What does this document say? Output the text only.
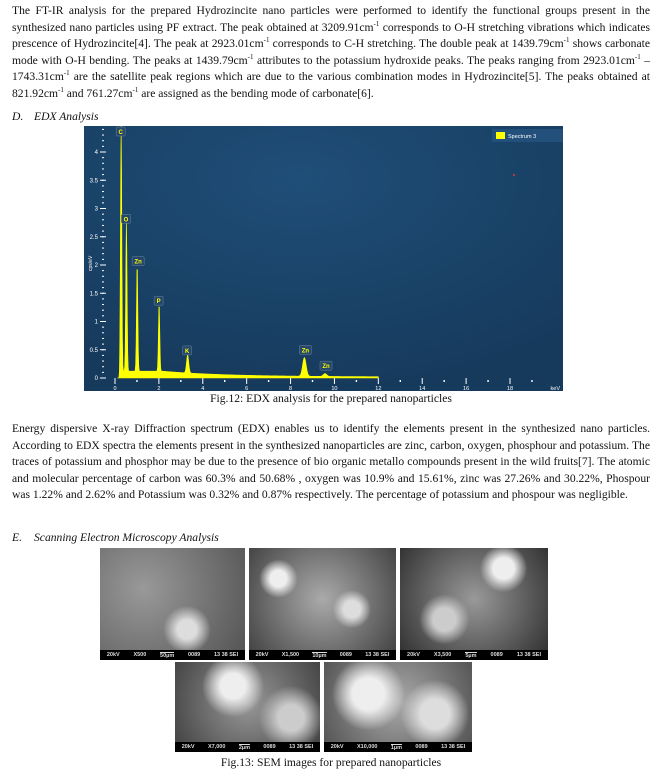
The FT-IR analysis for the prepared Hydrozincite nano particles were performed to identify the functional groups present in the synthesized nano particles using PF extract. The peak obtained at $3209.91cm^{-1}$ corresponds to O-H stretching vibrations which indicates prescence of Hydrozincite[4]. The peak at $2923.01cm^{-1}$ corresponds to C-H stretching. The double peak at $1439.79cm^{-1}$ shows carbonate mode with O-H bending. The peaks at $1439.79cm^{-1}$ attributes to the potassium hydroxide peaks. The peaks ranging from $2923.01cm^{-1} - 1743.31cm^{-1}$ are the satellite peak regions which are due to the various combination modes in Hydrozincite[5]. The peaks obtained at $821.92cm^{-1}$ and $761.27cm^{-1}$ are assigned as the bending mode of carbonate[6].

D. EDX Analysis
0
0.5
1
1.5
2
2.5
3
3.5
4
cps/eV
0	2	4	6	8	10	12	14	16	18	keV
C
O
Zn
P
K	Zn
Zn
Spectrum 3
Fig.12: EDX analysis for the prepared nanoparticles

Energy dispersive X-ray Diffraction spectrum (EDX) enables us to identify the elements present in the synthesized nano particles. According to EDX spectra the elements present in the synthesized nanoparticles are zinc, carbon, oxygen, phosphour and potassium. The traces of potassium and phosphor may be due to the presence of bio organic metallo compounds present in the wild fruits[7]. The atomic and molecular percentage of carbon was 60.3% and 50.68% , oxygen was 10.9% and 15.61%, zinc was 27.26% and 30.22%, Phospour was 1.22% and 2.62% and Potassium was 0.32% and 0.87% respectively. The percentage of potassium and phospour was negligible.

E. Scanning Electron Microscopy Analysis
20kV X500 50µm 0089 13 38 SEI	20kV X1,500 10µm 0089 13 38 SEI	20kV	X3,500	5µm	0089	13 38 SEI
20kV X7,000 2µm 0089 13 38 SEI	20kV X10,000 1µm 0089 13 38 SEI
Fig.13: SEM images for prepared nanoparticles
